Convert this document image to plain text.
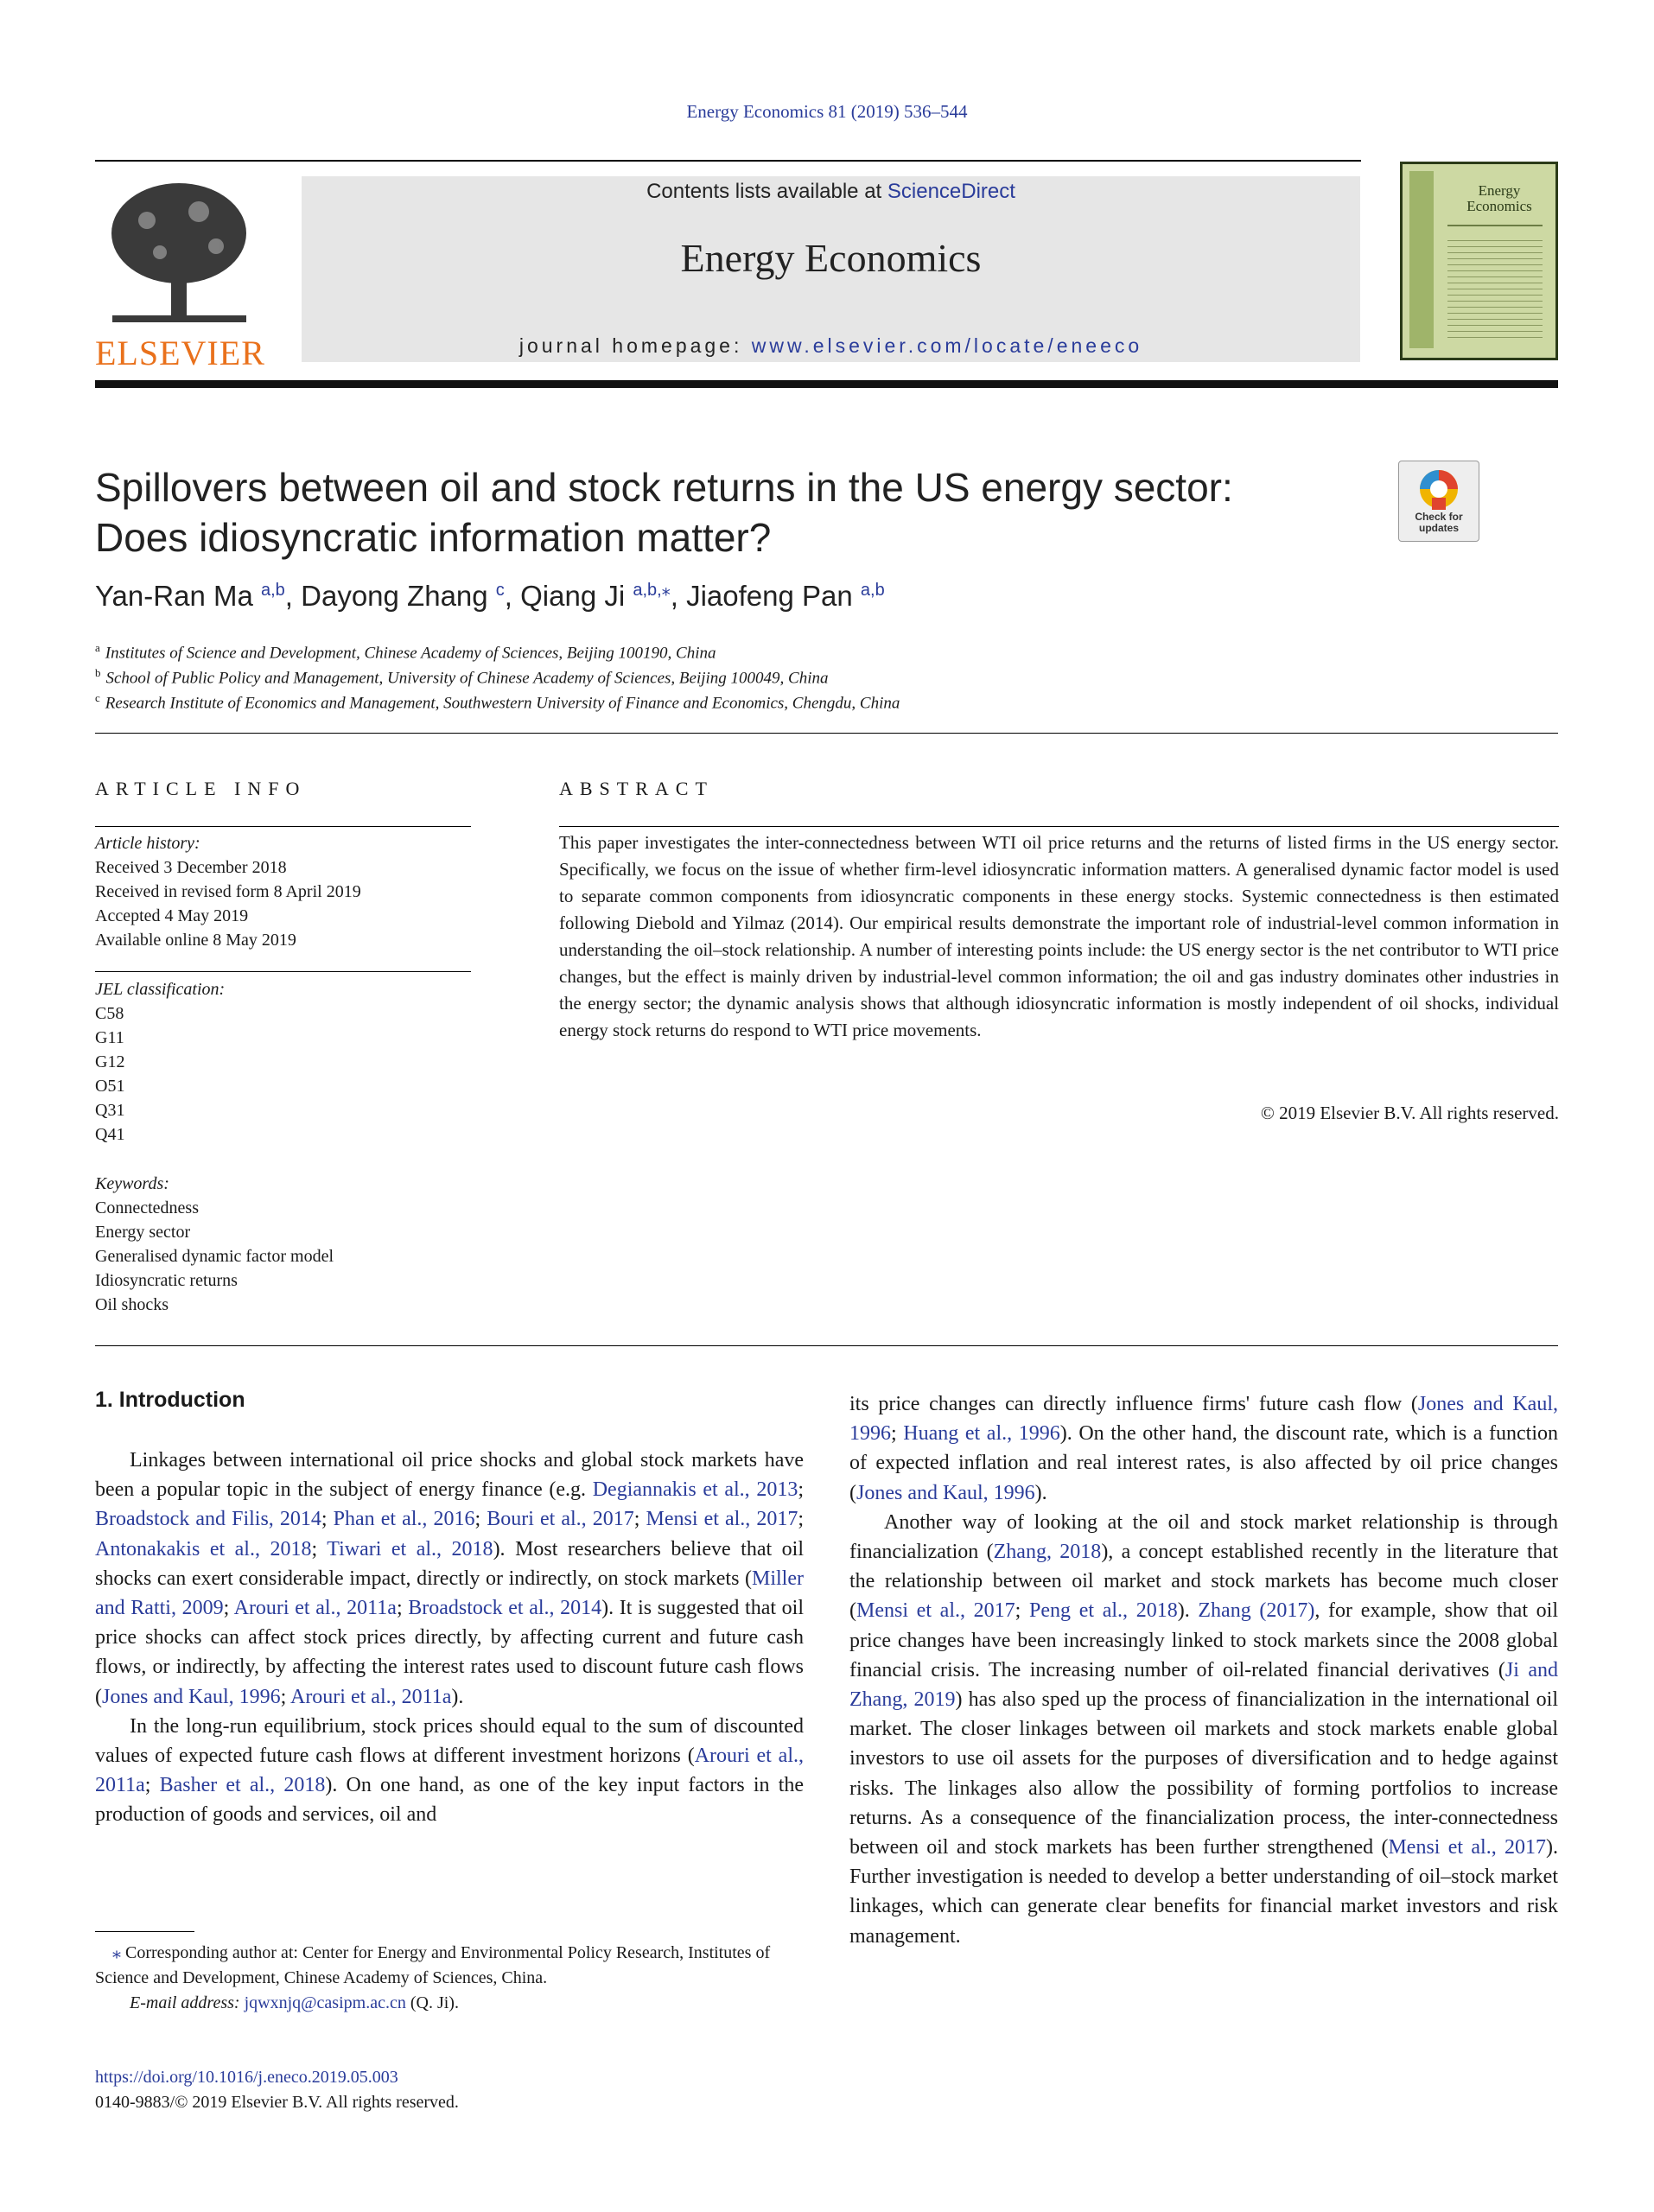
Energy Economics 81 (2019) 536–544
ELSEVIER
Contents lists available at ScienceDirect
Energy Economics
journal homepage: www.elsevier.com/locate/eneeco
Energy
Economics
Spillovers between oil and stock returns in the US energy sector: Does idiosyncratic information matter?	Check for
updates
Yan-Ran Ma $^{a,b}$, Dayong Zhang $^c$, Qiang Ji $^{a,b,⁎}$, Jiaofeng Pan $^{a,b}$
$^a$ Institutes of Science and Development, Chinese Academy of Sciences, Beijing 100190, China
$^b$ School of Public Policy and Management, University of Chinese Academy of Sciences, Beijing 100049, China
$^c$ Research Institute of Economics and Management, Southwestern University of Finance and Economics, Chengdu, China
ARTICLE INFO	ABSTRACT
Article history:
Received 3 December 2018
Received in revised form 8 April 2019
Accepted 4 May 2019
Available online 8 May 2019
JEL classification:
C58
G11
G12
O51
Q31
Q41
Keywords:
Connectedness
Energy sector
Generalised dynamic factor model
Idiosyncratic returns
Oil shocks
This paper investigates the inter-connectedness between WTI oil price returns and the returns of listed firms in the US energy sector. Specifically, we focus on the issue of whether firm-level idiosyncratic information matters. A generalised dynamic factor model is used to separate common components from idiosyncratic components in these energy stocks. Systemic connectedness is then estimated following Diebold and Yilmaz (2014). Our empirical results demonstrate the important role of industrial-level common information in understanding the oil–stock relationship. A number of interesting points include: the US energy sector is the net contributor to WTI price changes, but the effect is mainly driven by industrial-level common information; the oil and gas industry dominates other industries in the energy sector; the dynamic analysis shows that although idiosyncratic information is mostly independent of oil shocks, individual energy stock returns do respond to WTI price movements.
© 2019 Elsevier B.V. All rights reserved.
1. Introduction

Linkages between international oil price shocks and global stock markets have been a popular topic in the subject of energy finance (e.g. Degiannakis et al., 2013; Broadstock and Filis, 2014; Phan et al., 2016; Bouri et al., 2017; Mensi et al., 2017; Antonakakis et al., 2018; Tiwari et al., 2018). Most researchers believe that oil shocks can exert considerable impact, directly or indirectly, on stock markets (Miller and Ratti, 2009; Arouri et al., 2011a; Broadstock et al., 2014). It is suggested that oil price shocks can affect stock prices directly, by affecting current and future cash flows, or indirectly, by affecting the interest rates used to discount future cash flows (Jones and Kaul, 1996; Arouri et al., 2011a).

In the long-run equilibrium, stock prices should equal to the sum of discounted values of expected future cash flows at different investment horizons (Arouri et al., 2011a; Basher et al., 2018). On one hand, as one of the key input factors in the production of goods and services, oil and

its price changes can directly influence firms' future cash flow (Jones and Kaul, 1996; Huang et al., 1996). On the other hand, the discount rate, which is a function of expected inflation and real interest rates, is also affected by oil price changes (Jones and Kaul, 1996).

Another way of looking at the oil and stock market relationship is through financialization (Zhang, 2018), a concept established recently in the literature that the relationship between oil market and stock markets has become much closer (Mensi et al., 2017; Peng et al., 2018). Zhang (2017), for example, show that oil price changes have been increasingly linked to stock markets since the 2008 global financial crisis. The increasing number of oil-related financial derivatives (Ji and Zhang, 2019) has also sped up the process of financialization in the international oil market. The closer linkages between oil markets and stock markets enable global investors to use oil assets for the purposes of diversification and to hedge against risks. The linkages also allow the possibility of forming portfolios to increase returns. As a consequence of the financialization process, the inter-connectedness between oil and stock markets has been further strengthened (Mensi et al., 2017). Further investigation is needed to develop a better understanding of oil–stock market linkages, which can generate clear benefits for financial market investors and risk management.

⁎ Corresponding author at: Center for Energy and Environmental Policy Research, Institutes of Science and Development, Chinese Academy of Sciences, China.
E-mail address: jqwxnjq@casipm.ac.cn (Q. Ji).
https://doi.org/10.1016/j.eneco.2019.05.003
0140-9883/© 2019 Elsevier B.V. All rights reserved.
